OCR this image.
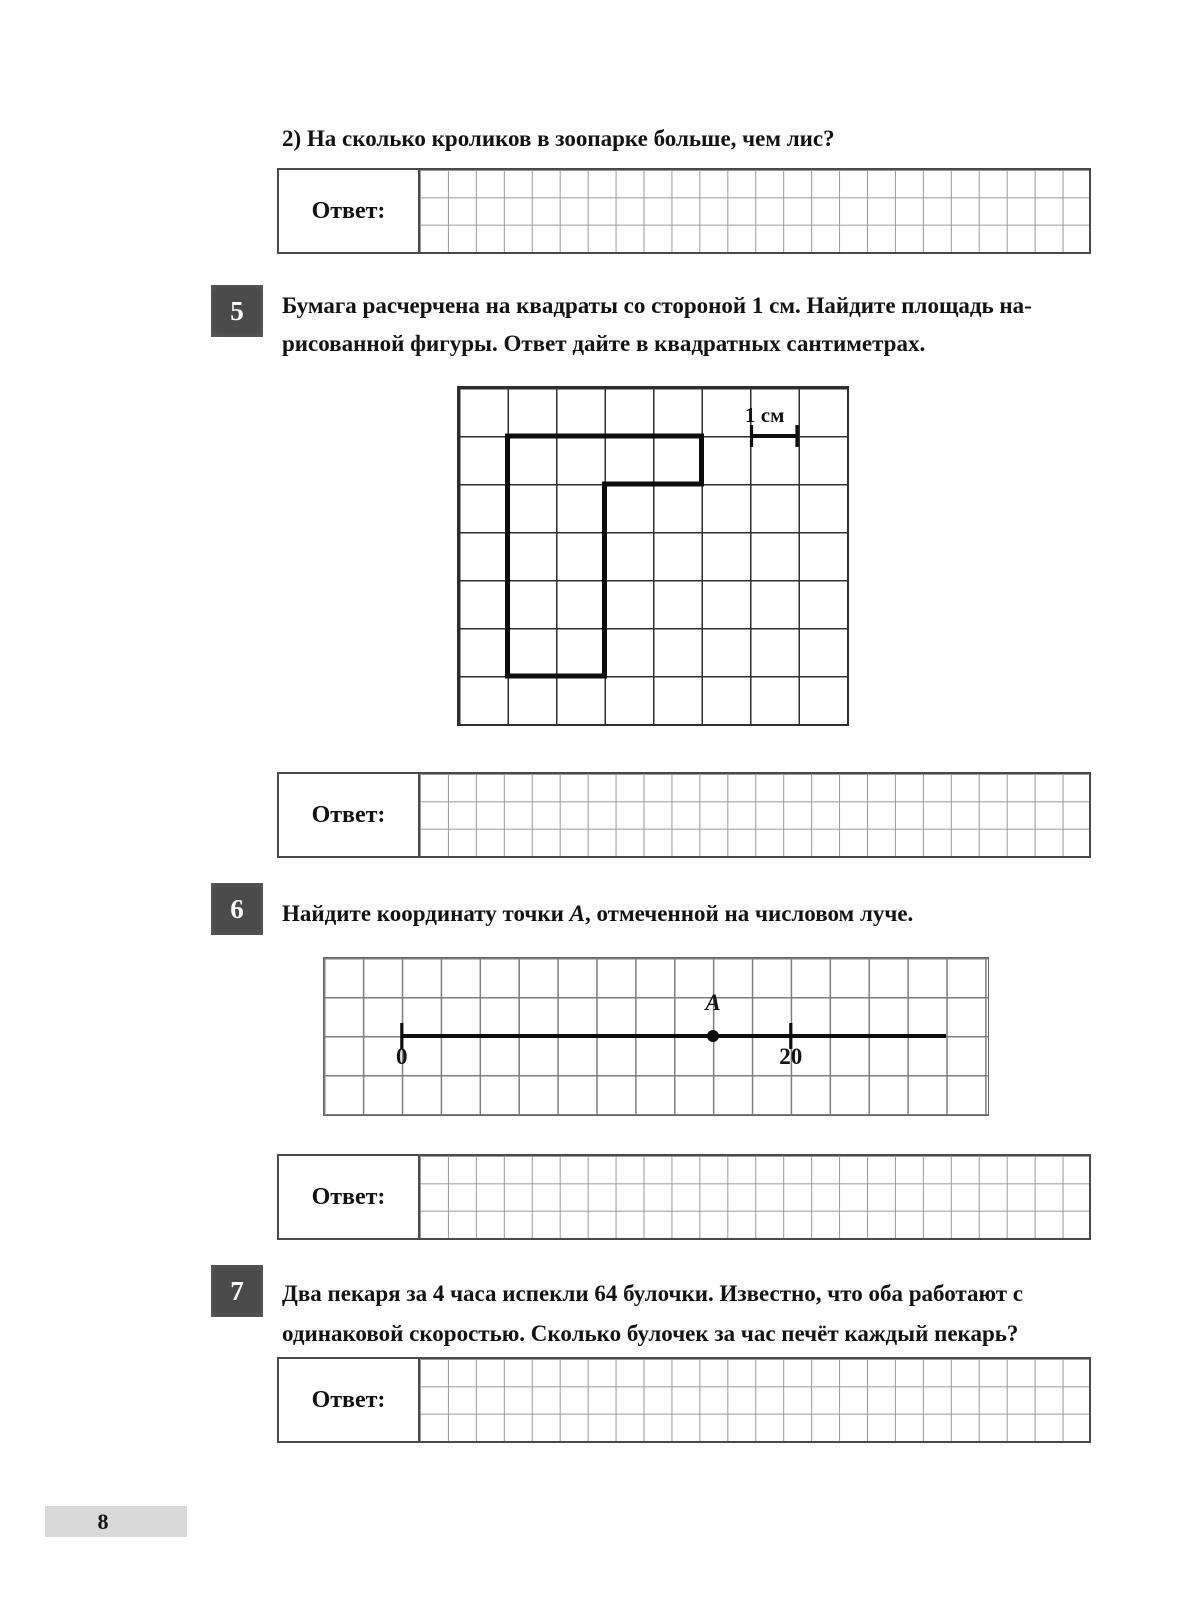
2) На сколько кроликов в зоопарке больше, чем лис?
Ответ:
5 Бумага расчерчена на квадраты со стороной 1 см. Найдите площадь на-
рисованной фигуры. Ответ дайте в квадратных сантиметрах.
1 см
Ответ:
6 Найдите координату точки А, отмеченной на числовом луче.
0	20
A
Ответ:
7 Два пекаря за 4 часа испекли 64 булочки. Известно, что оба работают с
одинаковой скоростью. Сколько булочек за час печёт каждый пекарь?
Ответ:
8
